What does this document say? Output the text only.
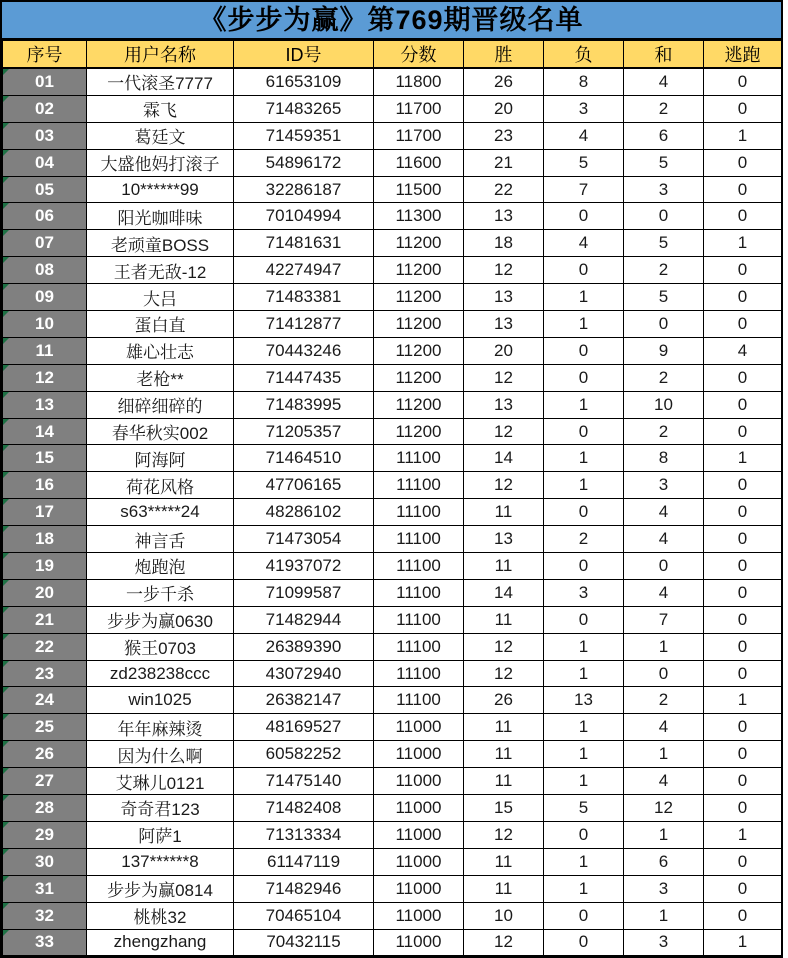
《步步为赢》第769期晋级名单
序号	用户名称	ID号	分数	胜	负	和	逃跑

01	一代滚圣7777	61653109	11800	26	8	4	0

02	霖飞	71483265	11700	20	3	2	0

03	葛廷文	71459351	11700	23	4	6	1

04	大盛他妈打滚子	54896172	11600	21	5	5	0

05	10******99	32286187	11500	22	7	3	0

06	阳光咖啡味	70104994	11300	13	0	0	0

07	老顽童BOSS	71481631	11200	18	4	5	1

08	王者无敌-12	42274947	11200	12	0	2	0

09	大吕	71483381	11200	13	1	5	0

10	蛋白直	71412877	11200	13	1	0	0

11	雄心壮志	70443246	11200	20	0	9	4

12	老枪**	71447435	11200	12	0	2	0

13	细碎细碎的	71483995	11200	13	1	10	0

14	春华秋实002	71205357	11200	12	0	2	0

15	阿海阿	71464510	11100	14	1	8	1

16	荷花风格	47706165	11100	12	1	3	0

17	s63*****24	48286102	11100	11	0	4	0

18	神言舌	71473054	11100	13	2	4	0

19	炮跑泡	41937072	11100	11	0	0	0

20	一步千杀	71099587	11100	14	3	4	0

21	步步为赢0630	71482944	11100	11	0	7	0

22	猴王0703	26389390	11100	12	1	1	0

23	zd238238ccc	43072940	11100	12	1	0	0

24	win1025	26382147	11100	26	13	2	1

25	年年麻辣烫	48169527	11000	11	1	4	0

26	因为什么啊	60582252	11000	11	1	1	0

27	艾琳儿0121	71475140	11000	11	1	4	0

28	奇奇君123	71482408	11000	15	5	12	0

29	阿萨1	71313334	11000	12	0	1	1

30	137******8	61147119	11000	11	1	6	0

31	步步为赢0814	71482946	11000	11	1	3	0

32	桃桃32	70465104	11000	10	0	1	0

33	zhengzhang	70432115	11000	12	0	3	1
